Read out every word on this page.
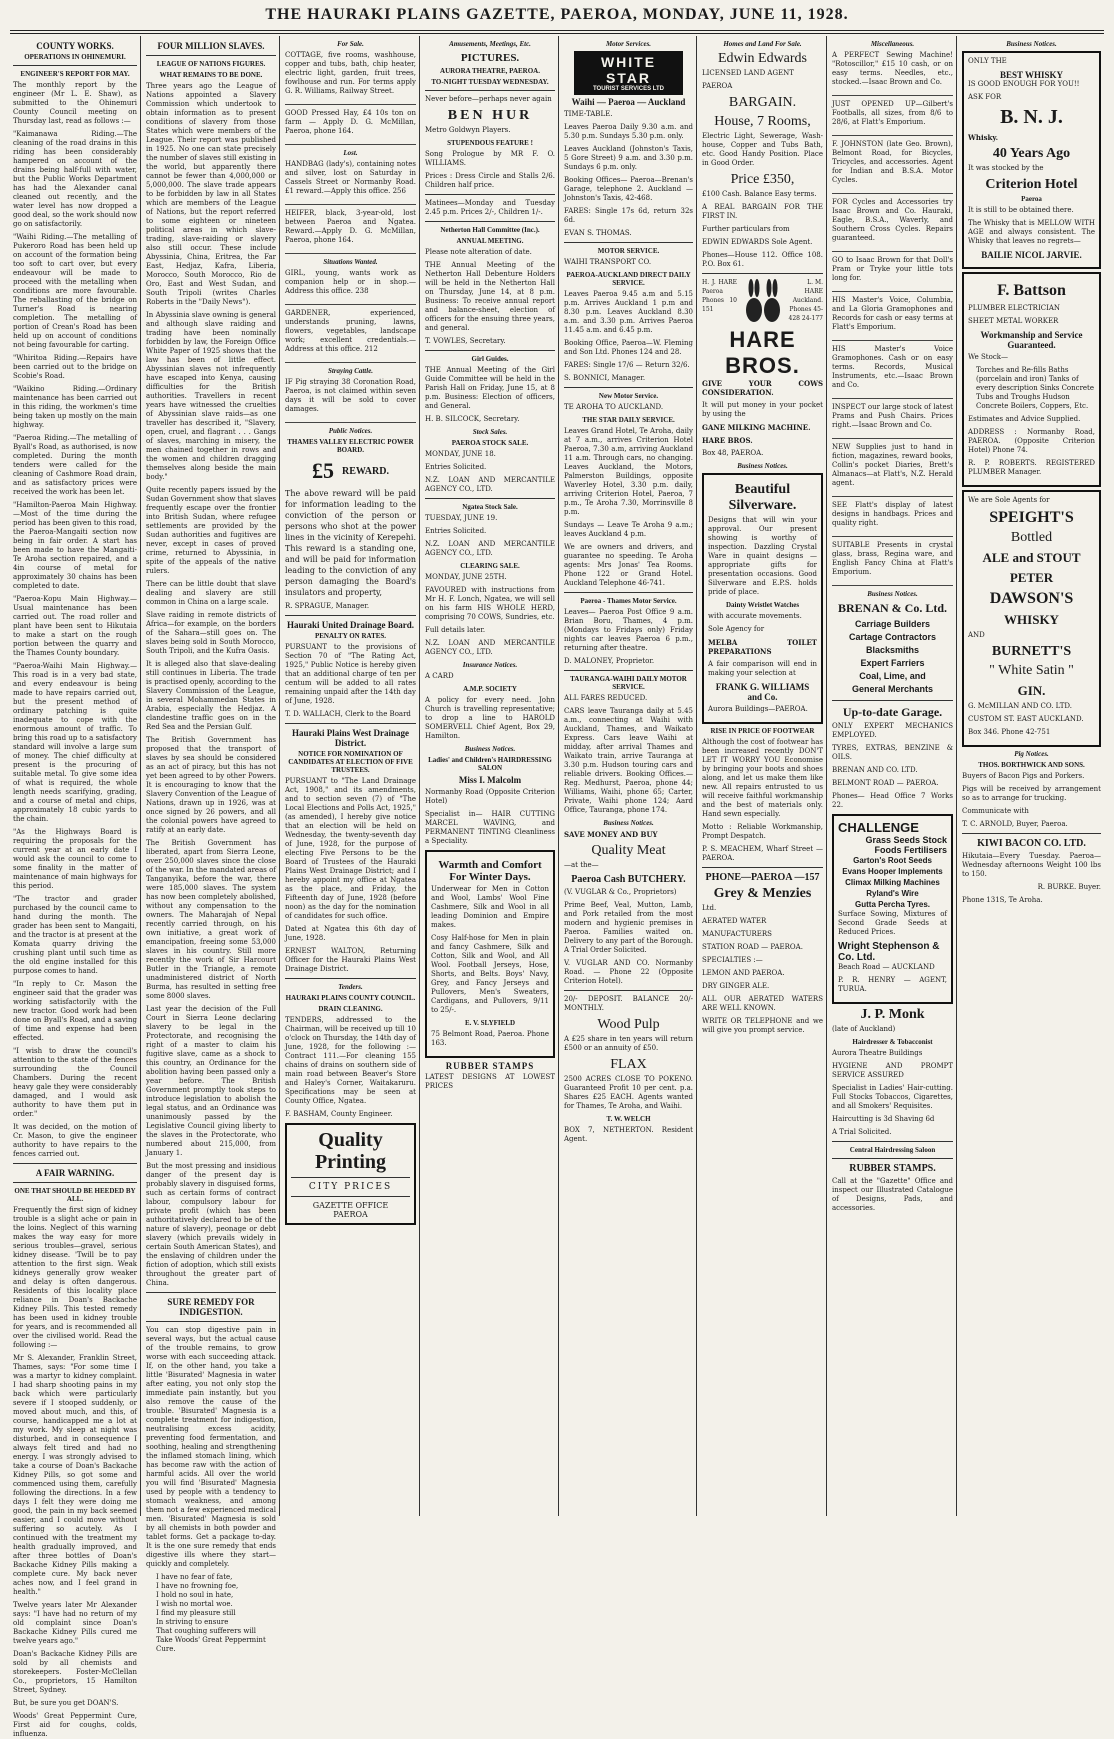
THE HAURAKI PLAINS GAZETTE, PAEROA, MONDAY, JUNE 11, 1928.
COUNTY WORKS.
OPERATIONS IN OHINEMURI.
ENGINEER'S REPORT FOR MAY.

The monthly report by the engineer (Mr L. E. Shaw), as submitted to the Ohinemuri County Council meeting on Thursday last, read as follows :—

"Kaimanawa Riding.—The cleaning of the road drains in this riding has been considerably hampered on account of the drains being half-full with water, but the Public Works Department has had the Alexander canal cleaned out recently, and the water level has now dropped a good deal, so the work should now go on satisfactorily.

"Waihi Riding.—The metalling of Pukeroro Road has been held up on account of the formation being too soft to cart over, but every endeavour will be made to proceed with the metalling when conditions are more favourable. The reballasting of the bridge on Turner's Road is nearing completion. The metalling of portion of Crean's Road has been held up on account of conditions not being favourable for carting.

"Whiritoa Riding.—Repairs have been carried out to the bridge on Scobie's Road.

"Waikino Riding.—Ordinary maintenance has been carried out in this riding, the workmen's time being taken up mostly on the main highway.

"Paeroa Riding.—The metalling of Byall's Road, as authorised, is now completed. During the month tenders were called for the cleaning of Cashmore Road drain, and as satisfactory prices were received the work has been let.

"Hamilton-Paeroa Main Highway.—Most of the time during the period has been given to this road, the Paeroa-Mangaiti section now being in fair order. A start has been made to have the Mangaiti-Te Aroha section repaired, and a 4in course of metal for approximately 30 chains has been completed to date.

"Paeroa-Kopu Main Highway.—Usual maintenance has been carried out. The road roller and plant have been sent to Hikutaia to make a start on the rough portion between the quarry and the Thames County boundary.

"Paeroa-Waihi Main Highway.—This road is in a very bad state, and every endeavour is being made to have repairs carried out, but the present method of ordinary patching is quite inadequate to cope with the enormous amount of traffic. To bring this road up to a satisfactory standard will involve a large sum of money. The chief difficulty at present is the procuring of suitable metal. To give some idea of what is required, the whole length needs scarifying, grading, and a course of metal and chips, approximately 18 cubic yards to the chain.

"As the Highways Board is requiring the proposals for the current year at an early date I would ask the council to come to some finality in the matter of maintenance of main highways for this period.

"The tractor and grader purchased by the council came to hand during the month. The grader has been sent to Mangaiti, and the tractor is at present at the Komata quarry driving the crushing plant until such time as the old engine installed for this purpose comes to hand.

"In reply to Cr. Mason the engineer said that the grader was working satisfactorily with the new tractor. Good work had been done on Byall's Road, and a saving of time and expense had been effected.

"I wish to draw the council's attention to the state of the fences surrounding the Council Chambers. During the recent heavy gale they were considerably damaged, and I would ask authority to have them put in order."

It was decided, on the motion of Cr. Mason, to give the engineer authority to have repairs to the fences carried out.

A FAIR WARNING.
ONE THAT SHOULD BE HEEDED BY ALL.

Frequently the first sign of kidney trouble is a slight ache or pain in the loins. Neglect of this warning makes the way easy for more serious troubles—gravel, serious kidney disease. 'Twill be to pay attention to the first sign. Weak kidneys generally grow weaker and delay is often dangerous. Residents of this locality place reliance in Doan's Backache Kidney Pills. This tested remedy has been used in kidney trouble for years, and is recommended all over the civilised world. Read the following :—

Mr S. Alexander, Franklin Street, Thames, says: "For some time I was a martyr to kidney complaint. I had sharp shooting pains in my back which were particularly severe if I stooped suddenly, or moved about much, and this, of course, handicapped me a lot at my work. My sleep at night was disturbed, and in consequence I always felt tired and had no energy. I was strongly advised to take a course of Doan's Backache Kidney Pills, so got some and commenced using them, carefully following the directions. In a few days I felt they were doing me good, the pain in my back seemed easier, and I could move without suffering so acutely. As I continued with the treatment my health gradually improved, and after three bottles of Doan's Backache Kidney Pills making a complete cure. My back never aches now, and I feel grand in health."

Twelve years later Mr Alexander says: "I have had no return of my old complaint since Doan's Backache Kidney Pills cured me twelve years ago."

Doan's Backache Kidney Pills are sold by all chemists and storekeepers. Foster-McClellan Co., proprietors, 15 Hamilton Street, Sydney.

But, be sure you get DOAN'S.

Woods' Great Peppermint Cure, First aid for coughs, colds, influenza.

FOUR MILLION SLAVES.
LEAGUE OF NATIONS FIGURES.
WHAT REMAINS TO BE DONE.

Three years ago the League of Nations appointed a Slavery Commission which undertook to obtain information as to present conditions of slavery from those States which were members of the League. Their report was published in 1925. No one can state precisely the number of slaves still existing in the world, but apparently there cannot be fewer than 4,000,000 or 5,000,000. The slave trade appears to be forbidden by law in all States which are members of the League of Nations, but the report referred to some eighteen or nineteen political areas in which slave-trading, slave-raiding or slavery also still occur. These include Abyssinia, China, Eritrea, the Far East, Hedjaz, Kafra, Liberia, Morocco, South Morocco, Rio de Oro, East and West Sudan, and South Tripoli (writes Charles Roberts in the "Daily News").

In Abyssinia slave owning is general and although slave raiding and trading have been nominally forbidden by law, the Foreign Office White Paper of 1925 shows that the law has been of little effect. Abyssinian slaves not infrequently have escaped into Kenya, causing difficulties for the British authorities. Travellers in recent years have witnessed the cruelties of Abyssinian slave raids—as one traveller has described it, "Slavery, open, cruel, and flagrant . . . Gangs of slaves, marching in misery, the men chained together in rows and the women and children dragging themselves along beside the main body."

Quite recently papers issued by the Sudan Government show that slaves frequently escape over the frontier into British Sudan, where refugee settlements are provided by the Sudan authorities and fugitives are never, except in cases of proved crime, returned to Abyssinia, in spite of the appeals of the native rulers.

There can be little doubt that slave dealing and slavery are still common in China on a large scale.

Slave raiding in remote districts of Africa—for example, on the borders of the Sahara—still goes on. The slaves being sold in South Morocco, South Tripoli, and the Kufra Oasis.

It is alleged also that slave-dealing still continues in Liberia. The trade is practised openly, according to the Slavery Commission of the League, in several Mohammedan States in Arabia, especially the Hedjaz. A clandestine traffic goes on in the Red Sea and the Persian Gulf.

The British Government has proposed that the transport of slaves by sea should be considered as an act of piracy, but this has not yet been agreed to by other Powers. It is encouraging to know that the Slavery Convention of the League of Nations, drawn up in 1926, was at once signed by 26 powers, and all the colonial powers have agreed to ratify at an early date.

The British Government has liberated, apart from Sierra Leone, over 250,000 slaves since the close of the war. In the mandated areas of Tanganyika, before the war, there were 185,000 slaves. The system has now been completely abolished, without any compensation to the owners. The Maharajah of Nepal recently carried through, on his own initiative, a great work of emancipation, freeing some 53,000 slaves in his country. Still more recently the work of Sir Harcourt Butler in the Triangle, a remote unadministered district of North Burma, has resulted in setting free some 8000 slaves.

Last year the decision of the Full Court in Sierra Leone declaring slavery to be legal in the Protectorate, and recognising the right of a master to claim his fugitive slave, came as a shock to this country, an Ordinance for the abolition having been passed only a year before. The British Government promptly took steps to introduce legislation to abolish the legal status, and an Ordinance was unanimously passed by the Legislative Council giving liberty to the slaves in the Protectorate, who numbered about 215,000, from January 1.

But the most pressing and insidious danger of the present day is probably slavery in disguised forms, such as certain forms of contract labour, compulsory labour for private profit (which has been authoritatively declared to be of the nature of slavery), peonage or debt slavery (which prevails widely in certain South American States), and the enslaving of children under the fiction of adoption, which still exists throughout the greater part of China.

SURE REMEDY FOR INDIGESTION.

You can stop digestive pain in several ways, but the actual cause of the trouble remains, to grow worse with each succeeding attack. If, on the other hand, you take a little 'Bisurated' Magnesia in water after eating, you not only stop the immediate pain instantly, but you also remove the cause of the trouble. 'Bisurated' Magnesia is a complete treatment for indigestion, neutralising excess acidity, preventing food fermentation, and soothing, healing and strengthening the inflamed stomach lining, which has become raw with the action of harmful acids. All over the world you will find 'Bisurated' Magnesia used by people with a tendency to stomach weakness, and among them not a few experienced medical men. 'Bisurated' Magnesia is sold by all chemists in both powder and tablet forms. Get a package to-day. It is the one sure remedy that ends digestive ills where they start—quickly and completely.

I have no fear of fate,
I have no frowning foe,
I hold no soul in hate,
I wish no mortal woe.
I find my pleasure still
In striving to ensure
That coughing sufferers will
Take Woods' Great Peppermint Cure.
For Sale.

COTTAGE, five rooms, washhouse, copper and tubs, bath, chip heater, electric light, garden, fruit trees, fowlhouse and run. For terms apply G. R. Williams, Railway Street.

GOOD Pressed Hay, £4 10s ton on farm — Apply D. G. McMillan, Paeroa, phone 164.

Lost.

HANDBAG (lady's), containing notes and silver, lost on Saturday in Cassels Street or Normanby Road. £1 reward.—Apply this office. 256

HEIFER, black, 3-year-old, lost between Paeroa and Ngatea. Reward.—Apply D. G. McMillan, Paeroa, phone 164.

Situations Wanted.

GIRL, young, wants work as companion help or in shop.—Address this office. 238

GARDENER, experienced, understands pruning, lawns, flowers, vegetables, landscape work; excellent credentials.—Address at this office. 212

Straying Cattle.

IF Pig straying 38 Coronation Road, Paeroa, is not claimed within seven days it will be sold to cover damages.

Public Notices.
THAMES VALLEY ELECTRIC POWER BOARD.
£5 REWARD.

The above reward will be paid for information leading to the conviction of the person or persons who shot at the power lines in the vicinity of Kerepehi. This reward is a standing one, and will be paid for information leading to the conviction of any person damaging the Board's insulators and property,

R. SPRAGUE, Manager.

Hauraki United Drainage Board.
PENALTY ON RATES.

PURSUANT to the provisions of Section 70 of "The Rating Act, 1925," Public Notice is hereby given that an additional charge of ten per centum will be added to all rates remaining unpaid after the 14th day of June, 1928.

T. D. WALLACH, Clerk to the Board

Hauraki Plains West Drainage District.
NOTICE FOR NOMINATION OF CANDIDATES AT ELECTION OF FIVE TRUSTEES.

PURSUANT to "The Land Drainage Act, 1908," and its amendments, and to section seven (7) of "The Local Elections and Polls Act, 1925," (as amended), I hereby give notice that an election will be held on Wednesday, the twenty-seventh day of June, 1928, for the purpose of electing Five Persons to be the Board of Trustees of the Hauraki Plains West Drainage District; and I hereby appoint my office at Ngatea as the place, and Friday, the Fifteenth day of June, 1928 (before noon) as the day for the nomination of candidates for such office.

Dated at Ngatea this 6th day of June, 1928.

ERNEST WALTON, Returning Officer for the Hauraki Plains West Drainage District.

Tenders.
HAURAKI PLAINS COUNTY COUNCIL.
DRAIN CLEANING.

TENDERS, addressed to the Chairman, will be received up till 10 o'clock on Thursday, the 14th day of June, 1928, for the following :— Contract 111.—For cleaning 155 chains of drains on southern side of main road between Beaver's Store and Haley's Corner, Waitakaruru. Specifications may be seen at County Office, Ngatea.

F. BASHAM, County Engineer.

Quality Printing
CITY PRICES
GAZETTE OFFICE
PAEROA
Amusements, Meetings, Etc.
PICTURES.
AURORA THEATRE, PAEROA.
TO-NIGHT TUESDAY WEDNESDAY.

Never before—perhaps never again

BEN HUR

Metro Goldwyn Players.

STUPENDOUS FEATURE !

Song Prologue by MR F. O. WILLIAMS.

Prices : Dress Circle and Stalls 2/6. Children half price.

Matinees—Monday and Tuesday 2.45 p.m. Prices 2/-, Children 1/-.

Netherton Hall Committee (Inc.).
ANNUAL MEETING.

Please note alteration of date.

THE Annual Meeting of the Netherton Hall Debenture Holders will be held in the Netherton Hall on Thursday, June 14, at 8 p.m. Business: To receive annual report and balance-sheet, election of officers for the ensuing three years, and general.

T. VOWLES, Secretary.

Girl Guides.

THE Annual Meeting of the Girl Guide Committee will be held in the Parish Hall on Friday, June 15, at 8 p.m. Business: Election of officers, and General.

H. B. SILCOCK, Secretary.

Stock Sales.
PAEROA STOCK SALE.

MONDAY, JUNE 18.

Entries Solicited.

N.Z. LOAN AND MERCANTILE AGENCY CO., LTD.

Ngatea Stock Sale.

TUESDAY, JUNE 19.

Entries Solicited.

N.Z. LOAN AND MERCANTILE AGENCY CO., LTD.

CLEARING SALE.

MONDAY, JUNE 25TH.

FAVOURED with instructions from Mr H. F. Lonch, Ngatea, we will sell on his farm HIS WHOLE HERD, comprising 70 COWS, Sundries, etc.

Full details later.

N.Z. LOAN AND MERCANTILE AGENCY CO., LTD.

Insurance Notices.

A CARD

A.M.P. SOCIETY

A policy for every need. John Church is travelling representative; to drop a line to HAROLD SOMERVELL Chief Agent, Box 29, Hamilton.

Business Notices.
Ladies' and Children's HAIRDRESSING SALON
Miss I. Malcolm

Normanby Road (Opposite Criterion Hotel)

Specialist in— HAIR CUTTING MARCEL WAVING, and PERMANENT TINTING Cleanliness a Speciality.

Warmth and Comfort For Winter Days.

Underwear for Men in Cotton and Wool, Lambs' Wool Fine Cashmere, Silk and Wool in all leading Dominion and Empire makes.

Cosy Half-hose for Men in plain and fancy Cashmere, Silk and Cotton, Silk and Wool, and All Wool. Football Jerseys, Hose, Shorts, and Belts. Boys' Navy, Grey, and Fancy Jerseys and Pullovers, Men's Sweaters, Cardigans, and Pullovers, 9/11 to 25/-.

E. V. SLYFIELD

75 Belmont Road, Paeroa. Phone 163.

RUBBER STAMPS

LATEST DESIGNS AT LOWEST PRICES

Motor Services.
WHITE STAR
TOURIST SERVICES LTD
Waihi — Paeroa — Auckland

TIME-TABLE.

Leaves Paeroa Daily 9.30 a.m. and 5.30 p.m. Sundays 5.30 p.m. only.

Leaves Auckland (Johnston's Taxis, 5 Gore Street) 9 a.m. and 3.30 p.m. Sundays 6 p.m. only.

Booking Offices— Paeroa—Brenan's Garage, telephone 2. Auckland — Johnston's Taxis, 42-468.

FARES: Single 17s 6d, return 32s 6d.

EVAN S. THOMAS.

MOTOR SERVICE.

WAIHI TRANSPORT CO.

PAEROA-AUCKLAND DIRECT DAILY SERVICE.

Leaves Paeroa 9.45 a.m and 5.15 p.m. Arrives Auckland 1 p.m and 8.30 p.m. Leaves Auckland 8.30 a.m. and 3.30 p.m. Arrives Paeroa 11.45 a.m. and 6.45 p.m.

Booking Office, Paeroa—W. Fleming and Son Ltd. Phones 124 and 28.

FARES: Single 17/6 — Return 32/6.

S. BONNICI, Manager.

New Motor Service.

TE AROHA TO AUCKLAND.

THE STAR DAILY SERVICE.

Leaves Grand Hotel, Te Aroha, daily at 7 a.m., arrives Criterion Hotel Paeroa, 7.30 a.m, arriving Auckland 11 a.m. Through cars, no changing. Leaves Auckland, the Motors, Palmerston Buildings, opposite Waverley Hotel, 3.30 p.m. daily, arriving Criterion Hotel, Paeroa, 7 p.m., Te Aroha 7.30, Morrinsville 8 p.m.

Sundays — Leave Te Aroha 9 a.m.; leaves Auckland 4 p.m.

We are owners and drivers, and guarantee no speeding. Te Aroha agents: Mrs Jonas' Tea Rooms. Phone 122 or Grand Hotel. Auckland Telephone 46-741.

Paeroa - Thames Motor Service.

Leaves— Paeroa Post Office 9 a.m. Brian Boru, Thames, 4 p.m. (Mondays to Fridays only) Friday nights car leaves Paeroa 6 p.m., returning after theatre.

D. MALONEY, Proprietor.

TAURANGA-WAIHI DAILY MOTOR SERVICE.

ALL FARES REDUCED.

CARS leave Tauranga daily at 5.45 a.m., connecting at Waihi with Auckland, Thames, and Waikato Express. Cars leave Waihi at midday, after arrival Thames and Waikato train, arrive Tauranga at 3.30 p.m. Hudson touring cars and reliable drivers. Booking Offices.—Reg. Medhurst, Paeroa, phone 44; Williams, Waihi, phone 65; Carter, Private, Waihi phone 124; Aard Office, Tauranga, phone 174.

Business Notices.

SAVE MONEY AND BUY

Quality Meat

—at the—

Paeroa Cash BUTCHERY.

(V. VUGLAR & Co., Proprietors)

Prime Beef, Veal, Mutton, Lamb, and Pork retailed from the most modern and hygienic premises in Paeroa. Families waited on. Delivery to any part of the Borough. A Trial Order Solicited.

V. VUGLAR AND CO. Normanby Road. — Phone 22 (Opposite Criterion Hotel).

20/- DEPOSIT. BALANCE 20/- MONTHLY.

Wood Pulp

A £25 share in ten years will return £500 or an annuity of £50.

FLAX

2500 ACRES CLOSE TO POKENO. Guaranteed Profit 10 per cent. p.a. Shares £25 EACH. Agents wanted for Thames, Te Aroha, and Waihi.

T. W. WELCH

BOX 7, NETHERTON. Resident Agent.

Homes and Land For Sale.
Edwin Edwards

LICENSED LAND AGENT

PAEROA

BARGAIN.
House, 7 Rooms,

Electric Light, Sewerage, Wash-house, Copper and Tubs Bath, etc. Good Handy Position. Place in Good Order.

Price £350,

£100 Cash. Balance Easy terms.

A REAL BARGAIN FOR THE FIRST IN.

Further particulars from

EDWIN EDWARDS Sole Agent.

Phones—House 112. Office 108. P.O. Box 61.

H. J. HARE Paeroa Phones 10 151

L. M. HARE Auckland. Phones 45-428 24-177

HARE BROS.

GIVE YOUR COWS CONSIDERATION.

It will put money in your pocket by using the

GANE MILKING MACHINE.

HARE BROS.

Box 48, PAEROA.

Business Notices.
Beautiful Silverware.

Designs that will win your approval. Our present showing is worthy of inspection. Dazzling Crystal Ware in quaint designs — appropriate gifts for presentation occasions. Good Silverware and E.P.S. holds pride of place.

Dainty Wristlet Watches

with accurate movements.

Sole Agency for

MELBA TOILET PREPARATIONS

A fair comparison will end in making your selection at

FRANK G. WILLIAMS and Co.

Aurora Buildings—PAEROA.

RISE IN PRICE OF FOOTWEAR

Although the cost of footwear has been increased recently DON'T LET IT WORRY YOU Economise by bringing your boots and shoes along, and let us make them like new. All repairs entrusted to us will receive faithful workmanship and the best of materials only. Hand sewn especially.

Motto : Reliable Workmanship, Prompt Despatch.

P. S. MEACHEM, Wharf Street — PAEROA.

PHONE—PAEROA —157
Grey & Menzies

Ltd.

AERATED WATER

MANUFACTURERS

STATION ROAD — PAEROA.

SPECIALTIES :—

LEMON AND PAEROA.

DRY GINGER ALE.

ALL OUR AERATED WATERS ARE WELL KNOWN.

WRITE OR TELEPHONE and we will give you prompt service.

Miscellaneous.

A PERFECT Sewing Machine! "Rotoscillor," £15 10 cash, or on easy terms. Needles, etc., stocked.—Isaac Brown and Co.

JUST OPENED UP—Gilbert's Footballs, all sizes, from 8/6 to 28/6, at Flatt's Emporium.

F. JOHNSTON (late Geo. Brown), Belmont Road, for Bicycles, Tricycles, and accessories. Agent for Indian and B.S.A. Motor Cycles.

FOR Cycles and Accessories try Isaac Brown and Co. Hauraki, Eagle, B.S.A., Waverly, and Southern Cross Cycles. Repairs guaranteed.

GO to Isaac Brown for that Doll's Pram or Tryke your little tots long for.

HIS Master's Voice, Columbia, and La Gloria Gramophones and Records for cash or easy terms at Flatt's Emporium.

HIS Master's Voice Gramophones. Cash or on easy terms. Records, Musical Instruments, etc.—Isaac Brown and Co.

INSPECT our large stock of latest Prams and Push Chairs. Prices right.—Isaac Brown and Co.

NEW Supplies just to hand in fiction, magazines, reward books, Collin's pocket Diaries, Brett's Almanacs—at Flatt's, N.Z. Herald agent.

SEE Flatt's display of latest designs in handbags. Prices and quality right.

SUITABLE Presents in crystal glass, brass, Regina ware, and English Fancy China at Flatt's Emporium.

Business Notices.
BRENAN & Co. Ltd.
Carriage Builders
Cartage Contractors
Blacksmiths
Expert Farriers
Coal, Lime, and
General Merchants
Up-to-date Garage.

ONLY EXPERT MECHANICS EMPLOYED.

TYRES, EXTRAS, BENZINE & OILS.

BRENAN AND CO. LTD.

BELMONT ROAD — PAEROA.

Phones— Head Office 7 Works 22.

CHALLENGE
Grass Seeds Stock Foods Fertilisers
Garton's Root Seeds
Evans Hooper Implements
Climax Milking Machines
Ryland's Wire
Gutta Percha Tyres.

Surface Sowing, Mixtures of Second Grade Seeds at Reduced Prices.

Wright Stephenson & Co. Ltd.

Beach Road — AUCKLAND

P. R. HENRY — AGENT, TURUA.

J. P. Monk

(late of Auckland)

Hairdresser & Tobacconist

Aurora Theatre Buildings

HYGIENE AND PROMPT SERVICE ASSURED

Specialist in Ladies' Hair-cutting. Full Stocks Tobaccos, Cigarettes, and all Smokers' Requisites.

Haircutting is 3d Shaving 6d

A Trial Solicited.

Central Hairdressing Saloon
RUBBER STAMPS.

Call at the "Gazette" Office and inspect our Illustrated Catalogue of Designs, Pads, and accessories.

Business Notices.

ONLY THE

BEST WHISKY

IS GOOD ENOUGH FOR YOU!!

ASK FOR

B. N. J.

Whisky.

40 Years Ago

It was stocked by the

Criterion Hotel
Paeroa

It is still to be obtained there.

The Whisky that is MELLOW WITH AGE and always consistent. The Whisky that leaves no regrets—

BAILIE NICOL JARVIE.
F. Battson

PLUMBER ELECTRICIAN

SHEET METAL WORKER

Workmanship and Service Guaranteed.

We Stock—

Torches and Re-fills Baths (porcelain and iron) Tanks of every description Sinks Concrete Tubs and Troughs Hudson Concrete Boilers, Coppers, Etc.

Estimates and Advice Supplied.

ADDRESS : Normanby Road, PAEROA. (Opposite Criterion Hotel) Phone 74.

R. P. ROBERTS. REGISTERED PLUMBER Manager.

We are Sole Agents for

SPEIGHT'S
Bottled
ALE and STOUT
PETER
DAWSON'S
WHISKY

AND

BURNETT'S
" White Satin "
GIN.

G. McMILLAN AND CO. LTD.

CUSTOM ST. EAST AUCKLAND.

Box 346. Phone 42-751

Pig Notices.
THOS. BORTHWICK AND SONS.

Buyers of Bacon Pigs and Porkers.

Pigs will be received by arrangement so as to arrange for trucking.

Communicate with

T. C. ARNOLD, Buyer, Paeroa.

KIWI BACON CO. LTD.

Hikutaia—Every Tuesday. Paeroa—Wednesday afternoons Weight 100 lbs to 150.

R. BURKE. Buyer.

Phone 131S, Te Aroha.
